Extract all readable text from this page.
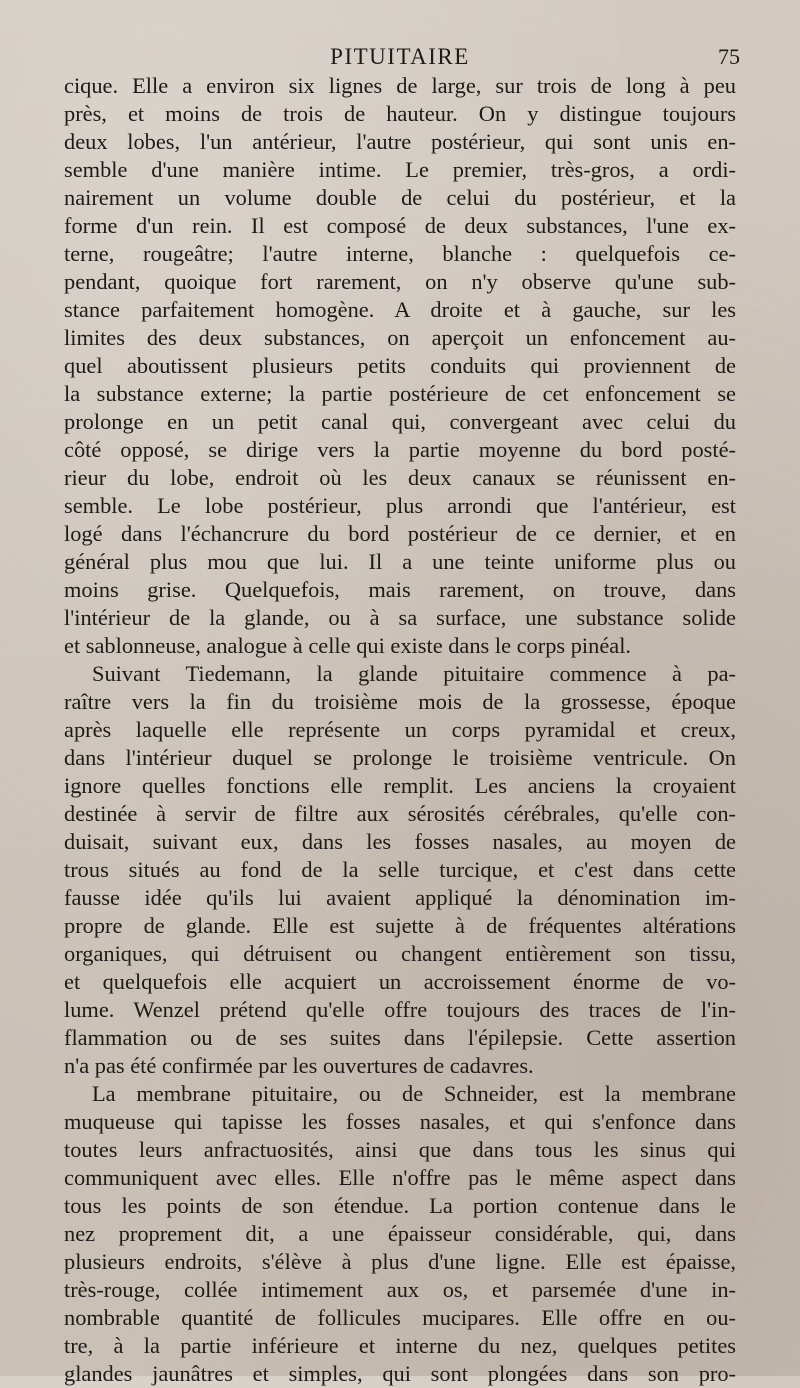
PITUITAIRE	75
cique. Elle a environ six lignes de large, sur trois de long à peu
près, et moins de trois de hauteur. On y distingue toujours
deux lobes, l'un antérieur, l'autre postérieur, qui sont unis en-
semble d'une manière intime. Le premier, très-gros, a ordi-
nairement un volume double de celui du postérieur, et la
forme d'un rein. Il est composé de deux substances, l'une ex-
terne, rougeâtre; l'autre interne, blanche : quelquefois ce-
pendant, quoique fort rarement, on n'y observe qu'une sub-
stance parfaitement homogène. A droite et à gauche, sur les
limites des deux substances, on aperçoit un enfoncement au-
quel aboutissent plusieurs petits conduits qui proviennent de
la substance externe; la partie postérieure de cet enfoncement se
prolonge en un petit canal qui, convergeant avec celui du
côté opposé, se dirige vers la partie moyenne du bord posté-
rieur du lobe, endroit où les deux canaux se réunissent en-
semble. Le lobe postérieur, plus arrondi que l'antérieur, est
logé dans l'échancrure du bord postérieur de ce dernier, et en
général plus mou que lui. Il a une teinte uniforme plus ou
moins grise. Quelquefois, mais rarement, on trouve, dans
l'intérieur de la glande, ou à sa surface, une substance solide
et sablonneuse, analogue à celle qui existe dans le corps pinéal.
Suivant Tiedemann, la glande pituitaire commence à pa-
raître vers la fin du troisième mois de la grossesse, époque
après laquelle elle représente un corps pyramidal et creux,
dans l'intérieur duquel se prolonge le troisième ventricule. On
ignore quelles fonctions elle remplit. Les anciens la croyaient
destinée à servir de filtre aux sérosités cérébrales, qu'elle con-
duisait, suivant eux, dans les fosses nasales, au moyen de
trous situés au fond de la selle turcique, et c'est dans cette
fausse idée qu'ils lui avaient appliqué la dénomination im-
propre de glande. Elle est sujette à de fréquentes altérations
organiques, qui détruisent ou changent entièrement son tissu,
et quelquefois elle acquiert un accroissement énorme de vo-
lume. Wenzel prétend qu'elle offre toujours des traces de l'in-
flammation ou de ses suites dans l'épilepsie. Cette assertion
n'a pas été confirmée par les ouvertures de cadavres.
La membrane pituitaire, ou de Schneider, est la membrane
muqueuse qui tapisse les fosses nasales, et qui s'enfonce dans
toutes leurs anfractuosités, ainsi que dans tous les sinus qui
communiquent avec elles. Elle n'offre pas le même aspect dans
tous les points de son étendue. La portion contenue dans le
nez proprement dit, a une épaisseur considérable, qui, dans
plusieurs endroits, s'élève à plus d'une ligne. Elle est épaisse,
très-rouge, collée intimement aux os, et parsemée d'une in-
nombrable quantité de follicules mucipares. Elle offre en ou-
tre, à la partie inférieure et interne du nez, quelques petites
glandes jaunâtres et simples, qui sont plongées dans son pro-
